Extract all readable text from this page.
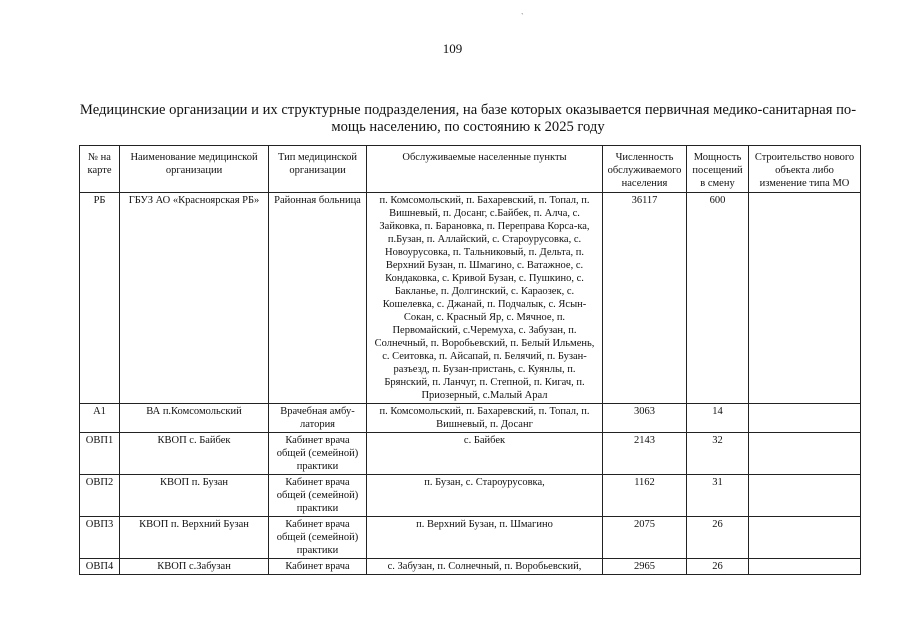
`
109
Медицинские организации и их структурные подразделения, на базе которых оказывается первичная медико-санитарная по-
мощь населению, по состоянию к 2025 году
№ на карте	Наименование медицинской организации	Тип медицинской организации	Обслуживаемые населенные пункты	Численность обслуживаемого населения	Мощность посещений в смену	Строительство нового объекта либо изменение типа МО
РБ	ГБУЗ АО «Красноярская РБ»	Районная больница	п. Комсомольский, п. Бахаревский, п. Топал, п. Вишневый, п. Досанг, с.Байбек, п. Алча, с. Зайковка, п. Барановка, п. Переправа Корса-ка, п.Бузан, п. Аллайский, с. Староурусовка, с. Новоурусовка, п. Тальниковый, п. Дельта, п. Верхний Бузан, п. Шмагино, с. Ватажное, с. Кондаковка, с. Кривой Бузан, с. Пушкино, с. Бакланье, п. Долгинский, с. Караозек, с. Кошелевка, с. Джанай, п. Подчалык, с. Ясын-Сокан, с. Красный Яр, с. Мячное, п. Первомайский, с.Черемуха, с. Забузан, п. Солнечный, п. Воробьевский, п. Белый Ильмень, с. Сеитовка, п. Айсапай, п. Белячий, п. Бузан-разъезд, п. Бузан-пристань, с. Куянлы, п. Брянский, п. Ланчуг, п. Степной, п. Кигач, п. Приозерный, с.Малый Арал	36117	600	
А1	ВА п.Комсомольский	Врачебная амбу-латория	п. Комсомольский, п. Бахаревский, п. Топал, п. Вишневый, п. Досанг	3063	14	
ОВП1	КВОП с. Байбек	Кабинет врача общей (семейной) практики	с. Байбек	2143	32	
ОВП2	КВОП п. Бузан	Кабинет врача общей (семейной) практики	п. Бузан, с. Староурусовка,	1162	31	
ОВП3	КВОП п. Верхний Бузан	Кабинет врача общей (семейной) практики	п. Верхний Бузан, п. Шмагино	2075	26	
ОВП4	КВОП с.Забузан	Кабинет врача	с. Забузан, п. Солнечный, п. Воробьевский,	2965	26	
